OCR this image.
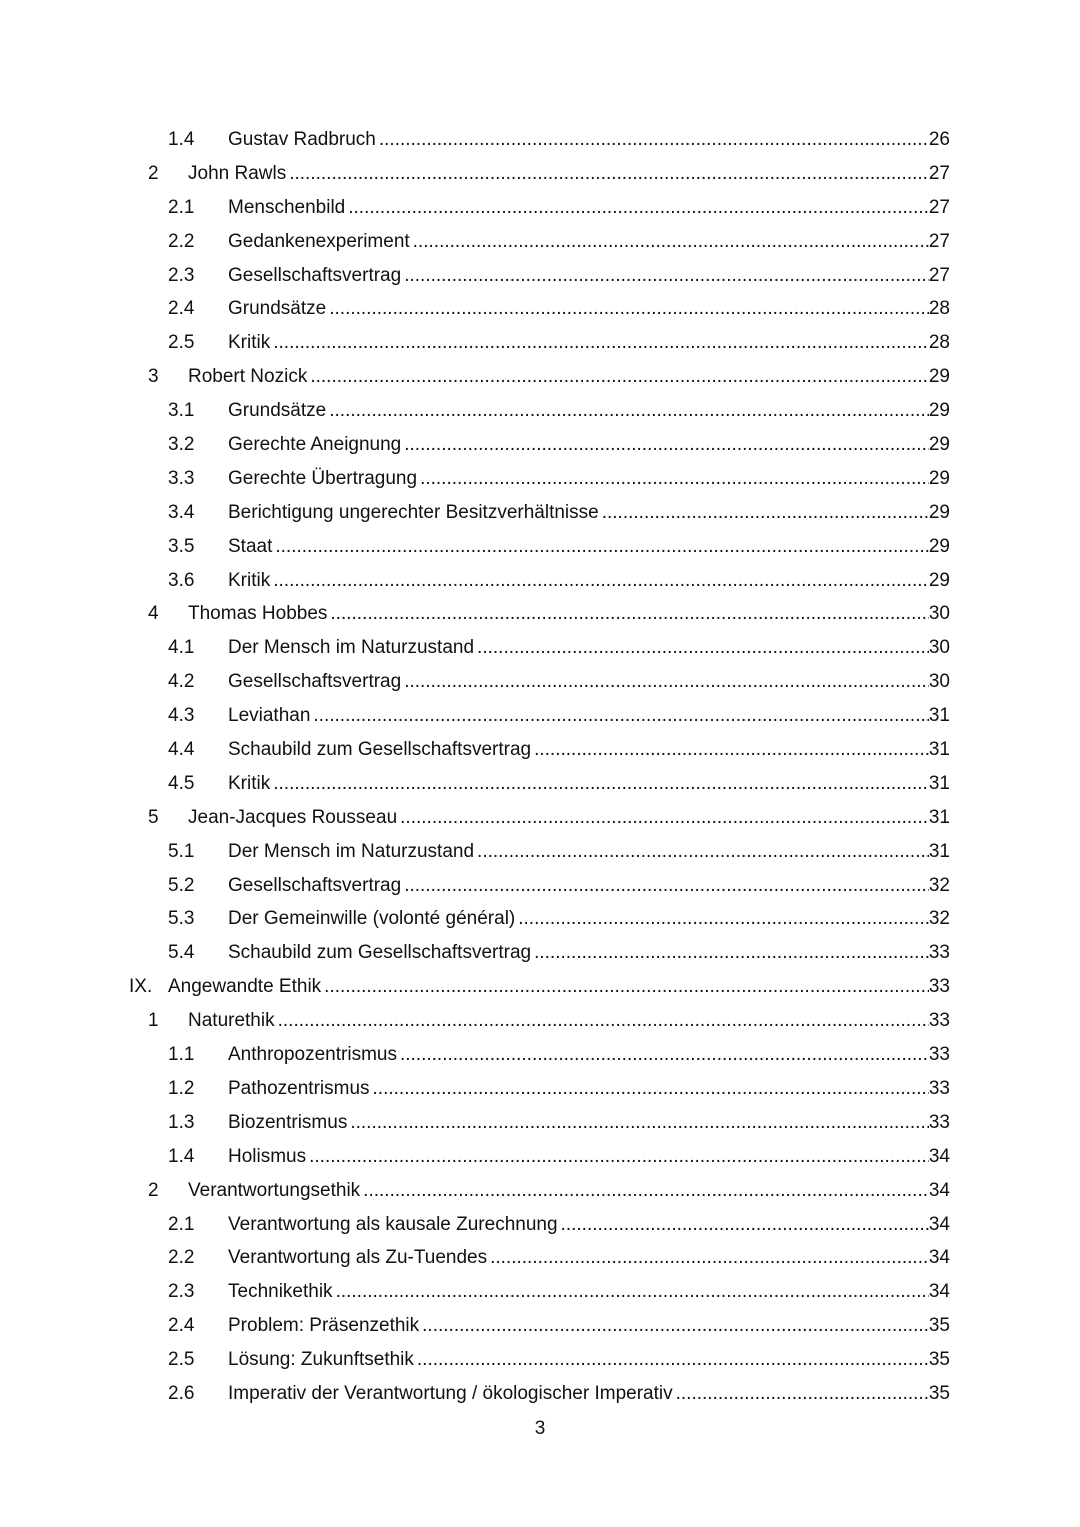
1.4 Gustav Radbruch .....	26
2 John Rawls .....	27
2.1 Menschenbild .....	27
2.2 Gedankenexperiment .....	27
2.3 Gesellschaftsvertrag .....	27
2.4 Grundsätze .....	28
2.5 Kritik .....	28
3 Robert Nozick .....	29
3.1 Grundsätze .....	29
3.2 Gerechte Aneignung .....	29
3.3 Gerechte Übertragung .....	29
3.4 Berichtigung ungerechter Besitzverhältnisse .....	29
3.5 Staat .....	29
3.6 Kritik .....	29
4 Thomas Hobbes .....	30
4.1 Der Mensch im Naturzustand .....	30
4.2 Gesellschaftsvertrag .....	30
4.3 Leviathan .....	31
4.4 Schaubild zum Gesellschaftsvertrag .....	31
4.5 Kritik .....	31
5 Jean-Jacques Rousseau .....	31
5.1 Der Mensch im Naturzustand .....	31
5.2 Gesellschaftsvertrag .....	32
5.3 Der Gemeinwille (volonté général) .....	32
5.4 Schaubild zum Gesellschaftsvertrag .....	33
IX. Angewandte Ethik .....	33
1 Naturethik .....	33
1.1 Anthropozentrismus .....	33
1.2 Pathozentrismus .....	33
1.3 Biozentrismus .....	33
1.4 Holismus .....	34
2 Verantwortungsethik .....	34
2.1 Verantwortung als kausale Zurechnung .....	34
2.2 Verantwortung als Zu-Tuendes .....	34
2.3 Technikethik .....	34
2.4 Problem: Präsenzethik .....	35
2.5 Lösung: Zukunftsethik .....	35
2.6 Imperativ der Verantwortung / ökologischer Imperativ .....	35
3
